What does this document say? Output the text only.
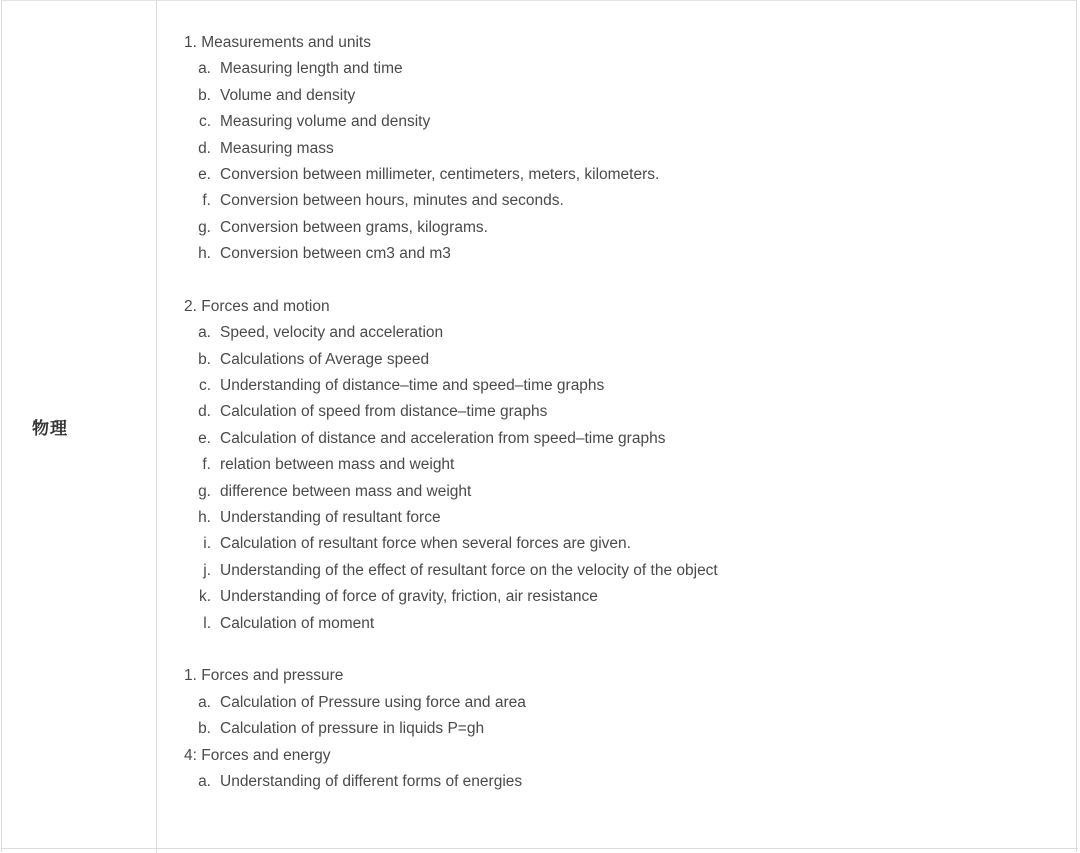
物理
1. Measurements and units
a. Measuring length and time
b. Volume and density
c. Measuring volume and density
d. Measuring mass
e. Conversion between millimeter, centimeters, meters, kilometers.
f. Conversion between hours, minutes and seconds.
g. Conversion between grams, kilograms.
h. Conversion between cm3 and m3
2. Forces and motion
a. Speed, velocity and acceleration
b. Calculations of Average speed
c. Understanding of distance–time and speed–time graphs
d. Calculation of speed from distance–time graphs
e. Calculation of distance and acceleration from speed–time graphs
f. relation between mass and weight
g. difference between mass and weight
h. Understanding of resultant force
i. Calculation of resultant force when several forces are given.
j. Understanding of the effect of resultant force on the velocity of the object
k. Understanding of force of gravity, friction, air resistance
l. Calculation of moment
1. Forces and pressure
a. Calculation of Pressure using force and area
b. Calculation of pressure in liquids P=gh
4: Forces and energy
a. Understanding of different forms of energies
